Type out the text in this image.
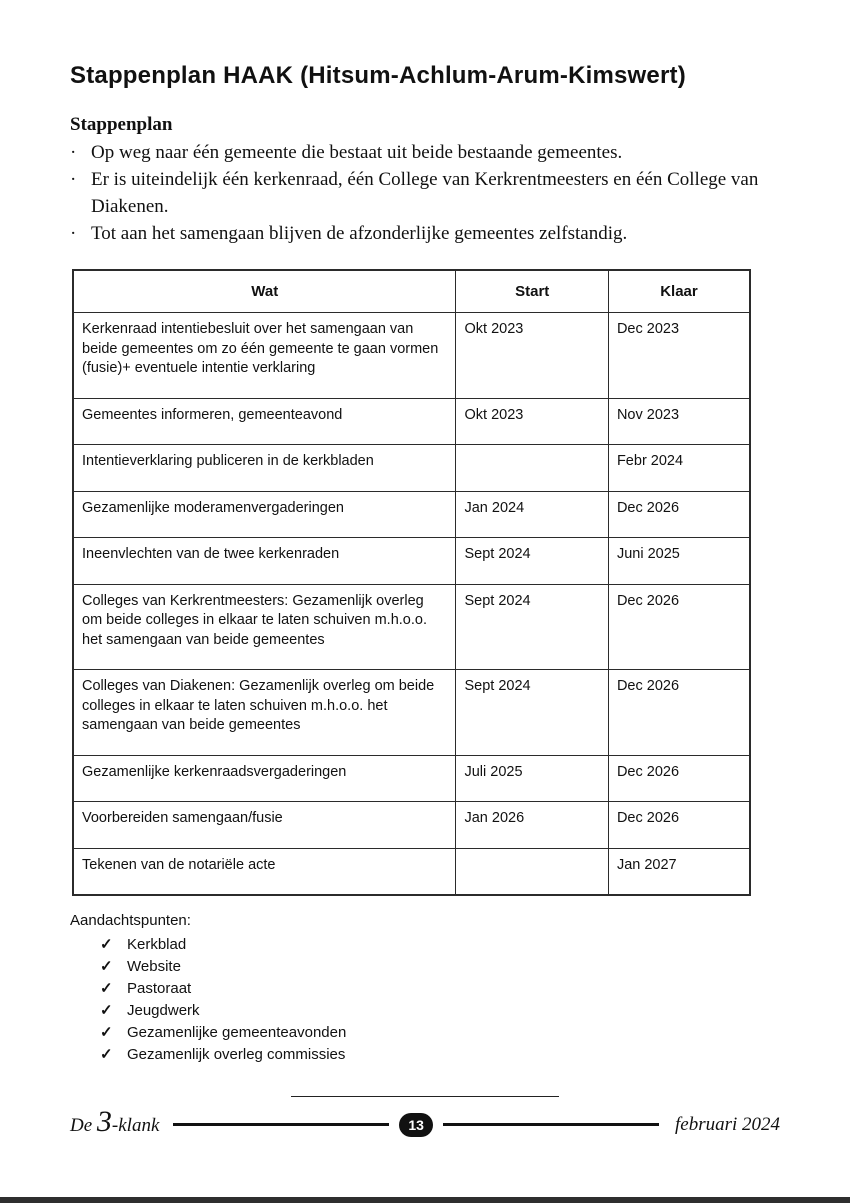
Stappenplan HAAK (Hitsum-Achlum-Arum-Kimswert)
Stappenplan
· Op weg naar één gemeente die bestaat uit beide bestaande gemeentes.
· Er is uiteindelijk één kerkenraad, één College van Kerkrentmeesters en één College van Diakenen.
· Tot aan het samengaan blijven de afzonderlijke gemeentes zelfstandig.
Wat	Start	Klaar
Kerkenraad intentiebesluit over het samengaan van beide gemeentes om zo één gemeente te gaan vormen (fusie)+ eventuele intentie verklaring	Okt 2023	Dec 2023
Gemeentes informeren, gemeenteavond	Okt 2023	Nov 2023
Intentieverklaring publiceren in de kerkbladen		Febr 2024
Gezamenlijke moderamenvergaderingen	Jan 2024	Dec 2026
Ineenvlechten van de twee kerkenraden	Sept 2024	Juni 2025
Colleges van Kerkrentmeesters: Gezamenlijk overleg om beide colleges in elkaar te laten schuiven m.h.o.o. het samengaan van beide gemeentes	Sept 2024	Dec 2026
Colleges van Diakenen: Gezamenlijk overleg om beide colleges in elkaar te laten schuiven m.h.o.o. het samengaan van beide gemeentes	Sept 2024	Dec 2026
Gezamenlijke kerkenraadsvergaderingen	Juli 2025	Dec 2026
Voorbereiden samengaan/fusie	Jan 2026	Dec 2026
Tekenen van de notariële acte		Jan 2027
Aandachtspunten:
✓ Kerkblad
✓ Website
✓ Pastoraat
✓ Jeugdwerk
✓ Gezamenlijke gemeenteavonden
✓ Gezamenlijk overleg commissies
De 3-klank	13	februari 2024
